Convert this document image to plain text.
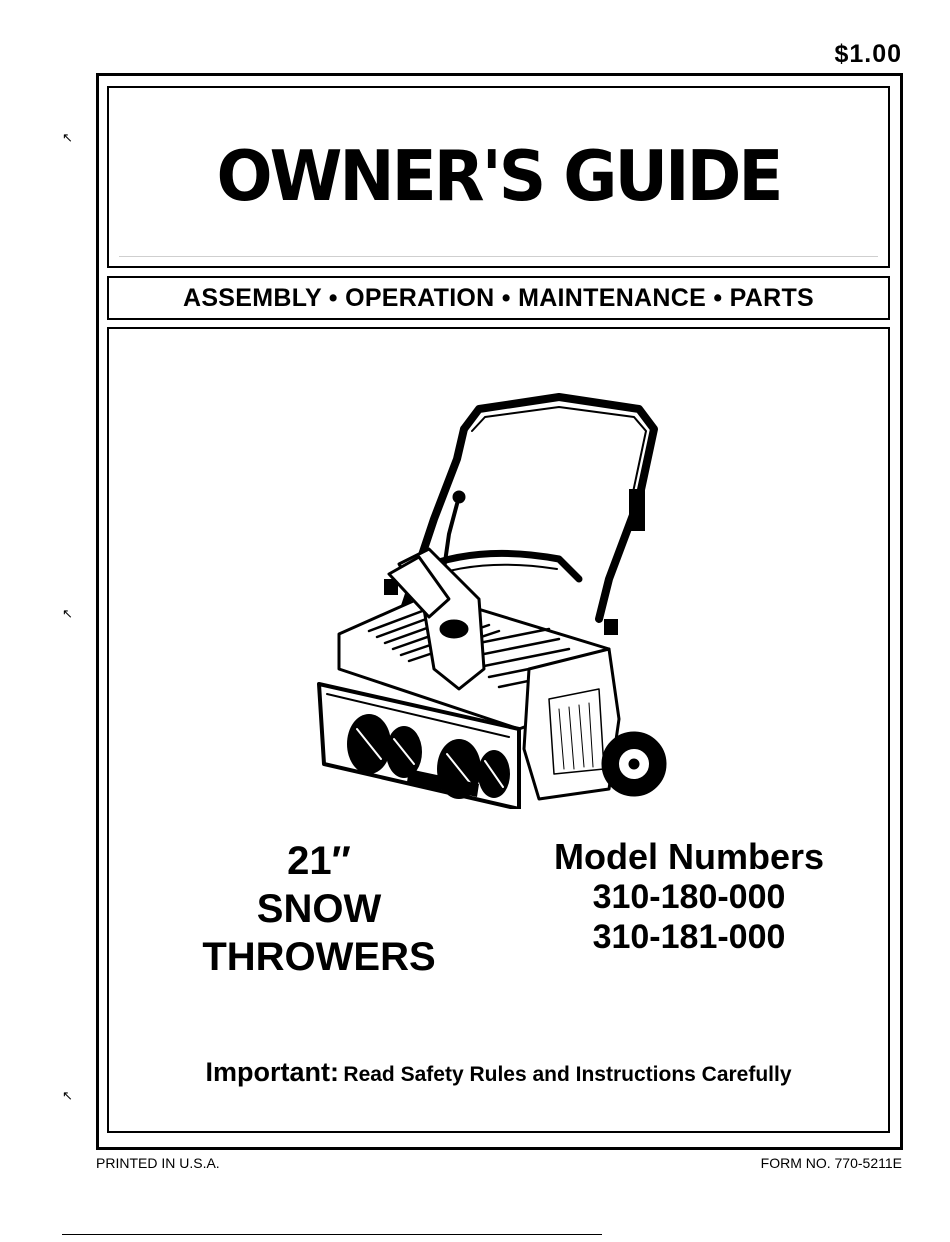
$1.00
↖
↖
↖
OWNER'S GUIDE
ASSEMBLY • OPERATION • MAINTENANCE • PARTS
21″
SNOW
THROWERS
Model Numbers
310-180-000
310-181-000
Important: Read Safety Rules and Instructions Carefully
PRINTED IN U.S.A.	FORM NO. 770-5211E
